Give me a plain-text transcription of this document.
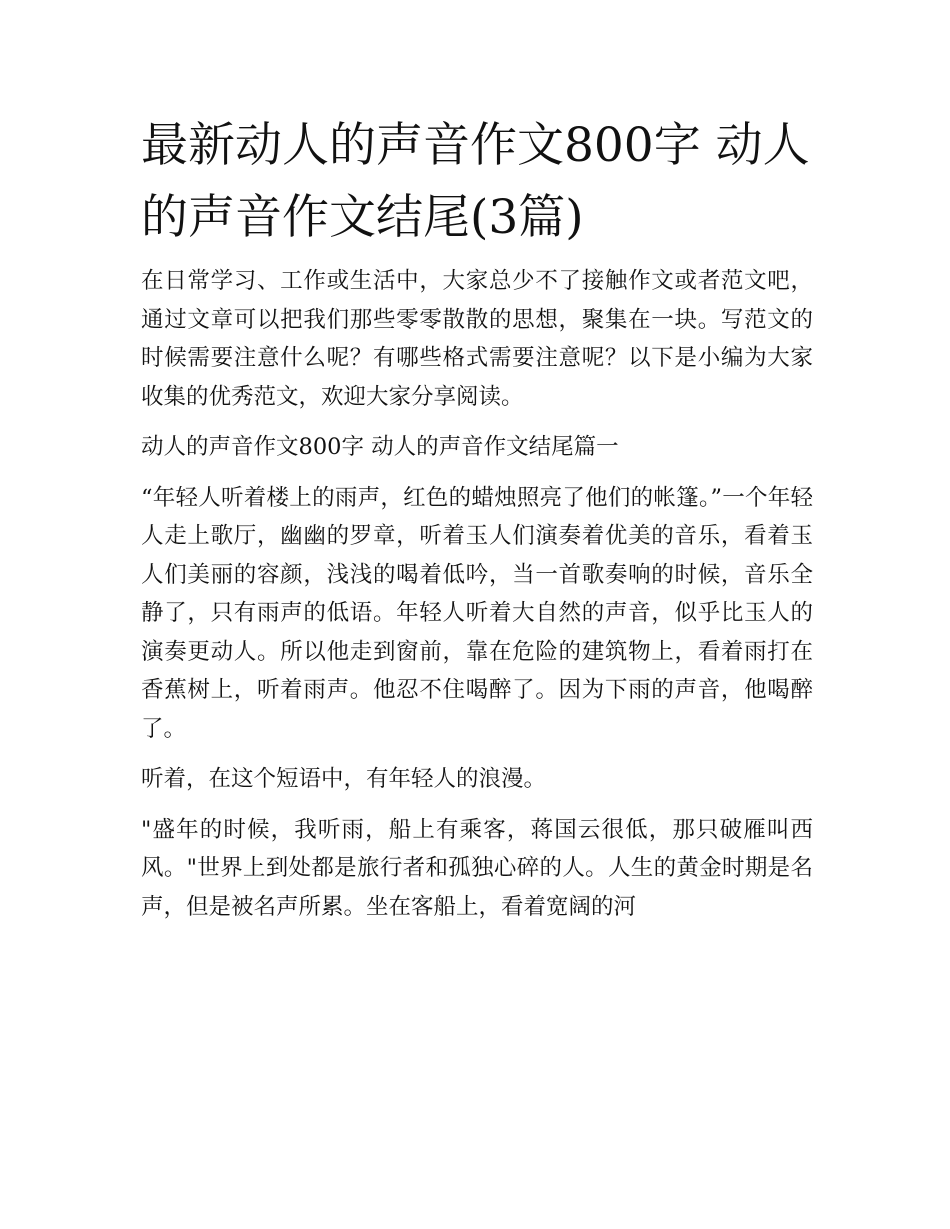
最新动人的声音作文800字 动人的声音作文结尾(3篇)

在日常学习、工作或生活中，大家总少不了接触作文或者范文吧，通过文章可以把我们那些零零散散的思想，聚集在一块。写范文的时候需要注意什么呢？有哪些格式需要注意呢？以下是小编为大家收集的优秀范文，欢迎大家分享阅读。

动人的声音作文800字 动人的声音作文结尾篇一

“年轻人听着楼上的雨声，红色的蜡烛照亮了他们的帐篷。”一个年轻人走上歌厅，幽幽的罗章，听着玉人们演奏着优美的音乐，看着玉人们美丽的容颜，浅浅的喝着低吟，当一首歌奏响的时候，音乐全静了，只有雨声的低语。年轻人听着大自然的声音，似乎比玉人的演奏更动人。所以他走到窗前，靠在危险的建筑物上，看着雨打在香蕉树上，听着雨声。他忍不住喝醉了。因为下雨的声音，他喝醉了。

听着，在这个短语中，有年轻人的浪漫。

"盛年的时候，我听雨，船上有乘客，蒋国云很低，那只破雁叫西风。"世界上到处都是旅行者和孤独心碎的人。人生的黄金时期是名声，但是被名声所累。坐在客船上，看着宽阔的河
